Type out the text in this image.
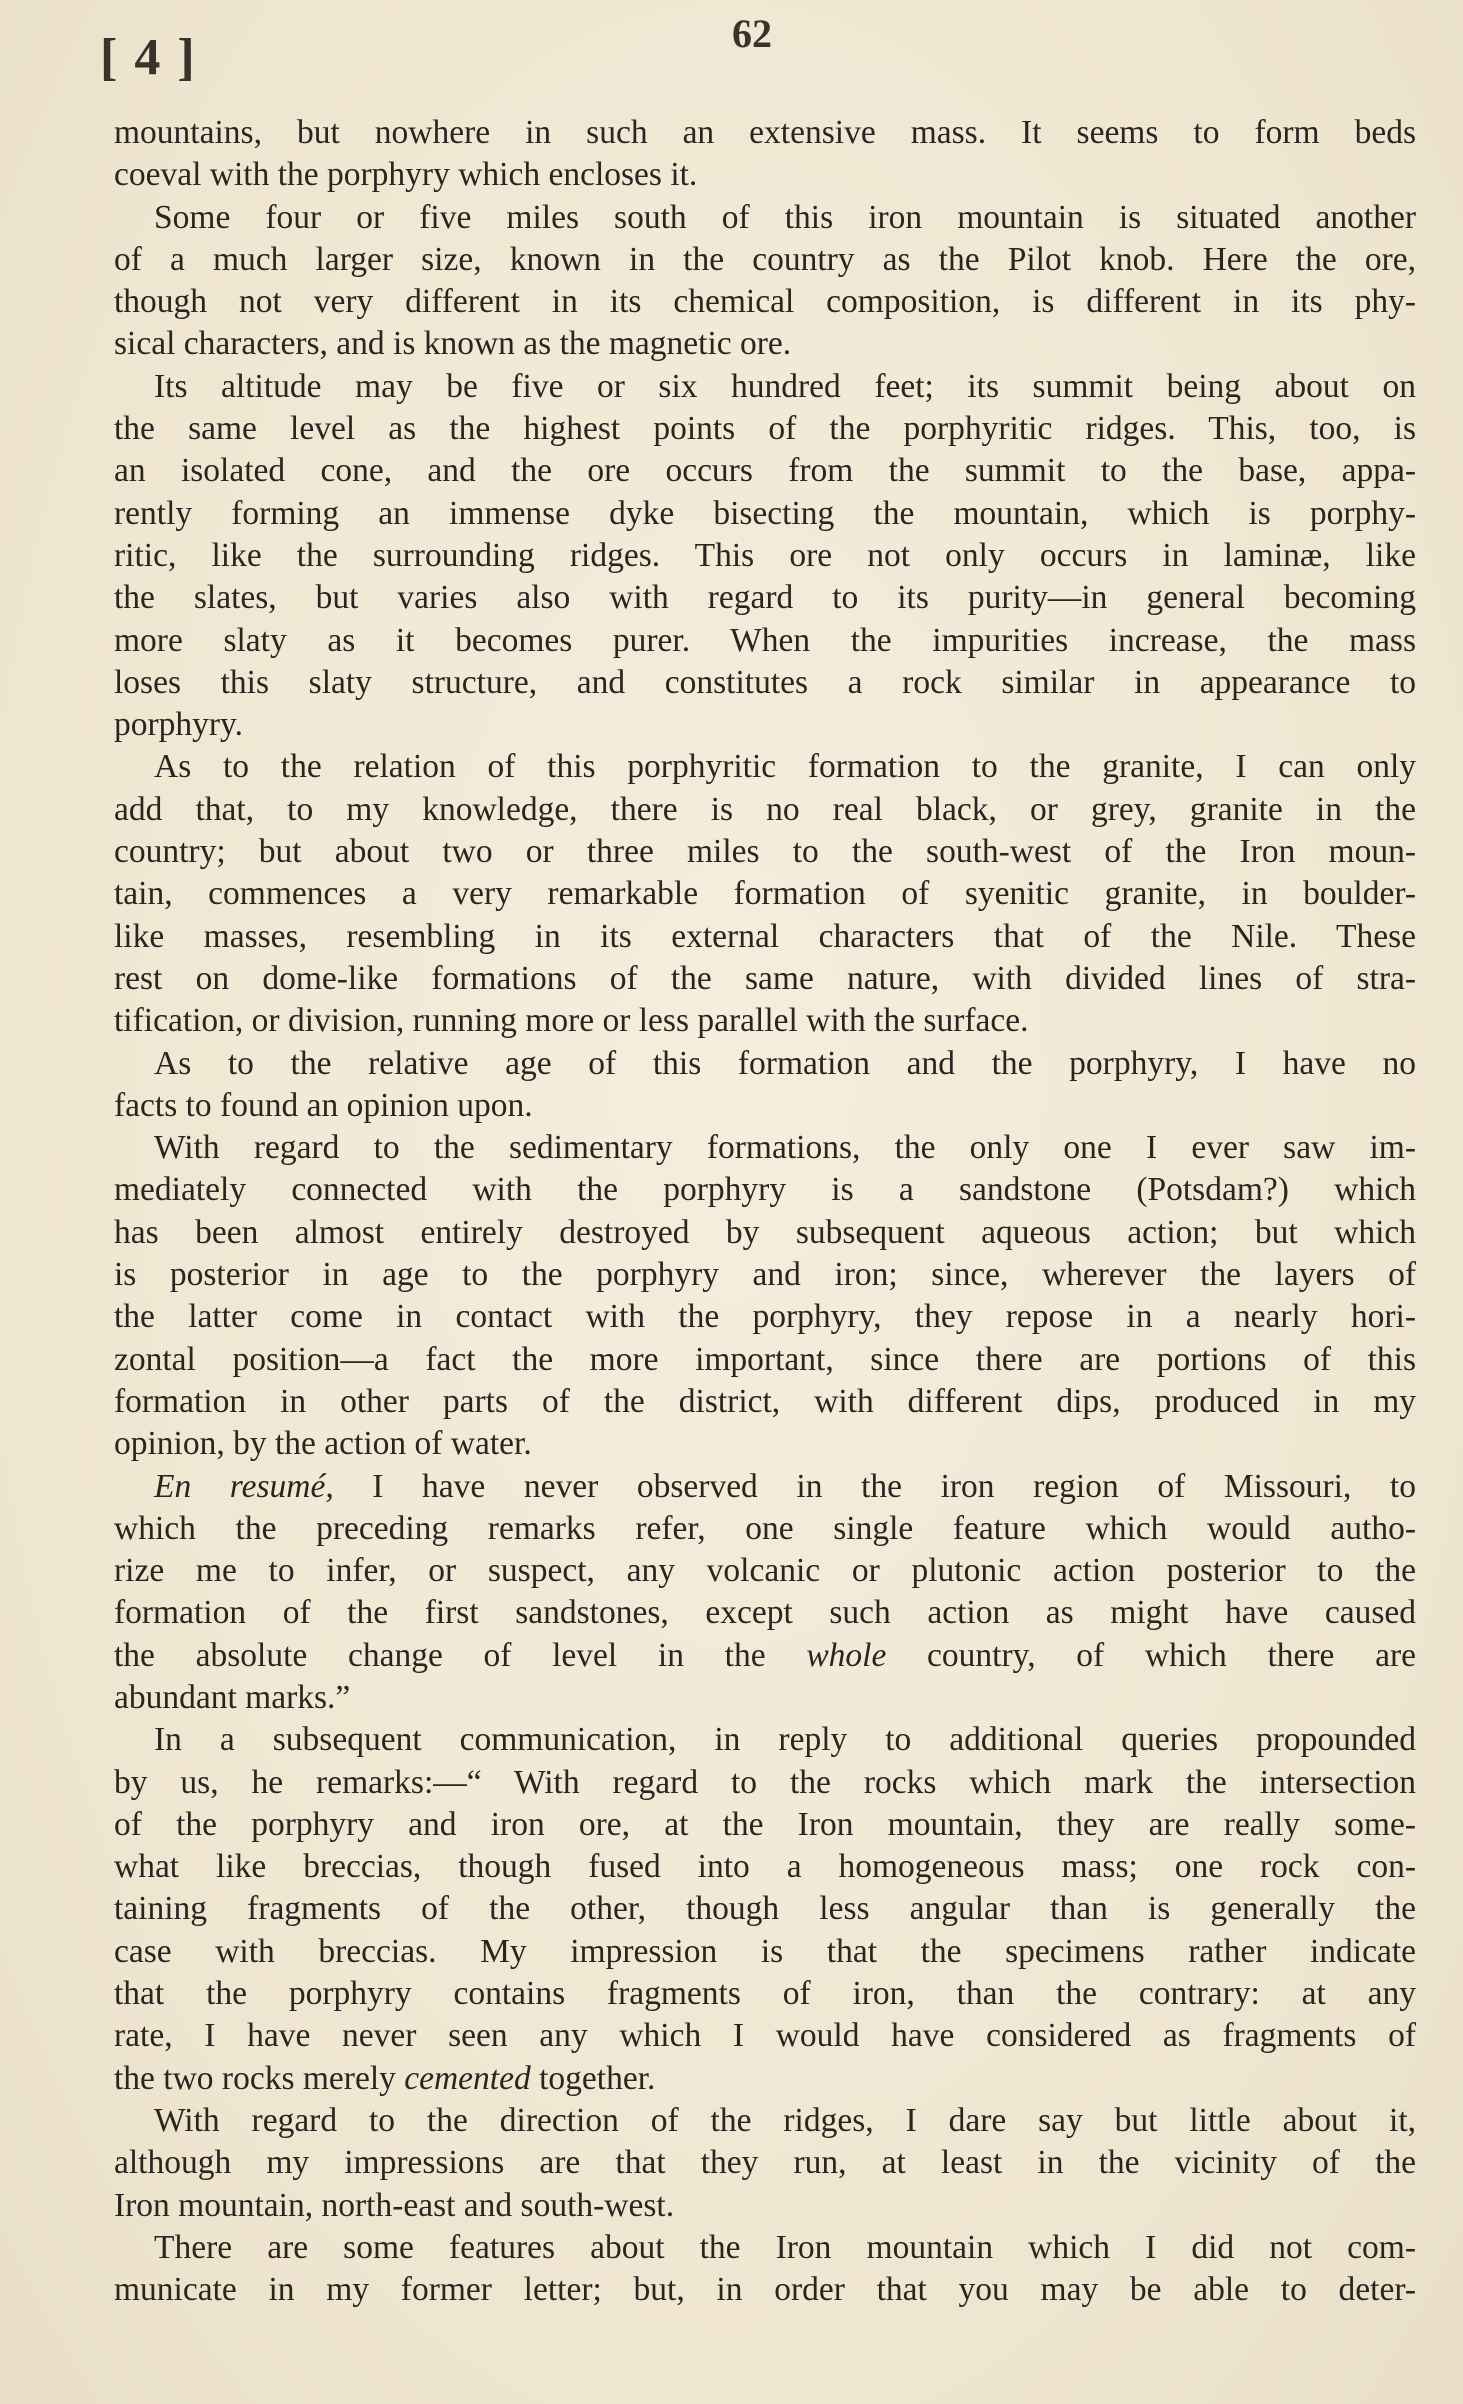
[ 4 ]	62
mountains, but nowhere in such an extensive mass. It seems to form beds
coeval with the porphyry which encloses it.
Some four or five miles south of this iron mountain is situated another
of a much larger size, known in the country as the Pilot knob. Here the ore,
though not very different in its chemical composition, is different in its phy-
sical characters, and is known as the magnetic ore.
Its altitude may be five or six hundred feet; its summit being about on
the same level as the highest points of the porphyritic ridges. This, too, is
an isolated cone, and the ore occurs from the summit to the base, appa-
rently forming an immense dyke bisecting the mountain, which is porphy-
ritic, like the surrounding ridges. This ore not only occurs in laminæ, like
the slates, but varies also with regard to its purity—in general becoming
more slaty as it becomes purer. When the impurities increase, the mass
loses this slaty structure, and constitutes a rock similar in appearance to
porphyry.
As to the relation of this porphyritic formation to the granite, I can only
add that, to my knowledge, there is no real black, or grey, granite in the
country; but about two or three miles to the south-west of the Iron moun-
tain, commences a very remarkable formation of syenitic granite, in boulder-
like masses, resembling in its external characters that of the Nile. These
rest on dome-like formations of the same nature, with divided lines of stra-
tification, or division, running more or less parallel with the surface.
As to the relative age of this formation and the porphyry, I have no
facts to found an opinion upon.
With regard to the sedimentary formations, the only one I ever saw im-
mediately connected with the porphyry is a sandstone (Potsdam?) which
has been almost entirely destroyed by subsequent aqueous action; but which
is posterior in age to the porphyry and iron; since, wherever the layers of
the latter come in contact with the porphyry, they repose in a nearly hori-
zontal position—a fact the more important, since there are portions of this
formation in other parts of the district, with different dips, produced in my
opinion, by the action of water.
En resumé, I have never observed in the iron region of Missouri, to
which the preceding remarks refer, one single feature which would autho-
rize me to infer, or suspect, any volcanic or plutonic action posterior to the
formation of the first sandstones, except such action as might have caused
the absolute change of level in the whole country, of which there are
abundant marks.”
In a subsequent communication, in reply to additional queries propounded
by us, he remarks:—“ With regard to the rocks which mark the intersection
of the porphyry and iron ore, at the Iron mountain, they are really some-
what like breccias, though fused into a homogeneous mass; one rock con-
taining fragments of the other, though less angular than is generally the
case with breccias. My impression is that the specimens rather indicate
that the porphyry contains fragments of iron, than the contrary: at any
rate, I have never seen any which I would have considered as fragments of
the two rocks merely cemented together.
With regard to the direction of the ridges, I dare say but little about it,
although my impressions are that they run, at least in the vicinity of the
Iron mountain, north-east and south-west.
There are some features about the Iron mountain which I did not com-
municate in my former letter; but, in order that you may be able to deter-
